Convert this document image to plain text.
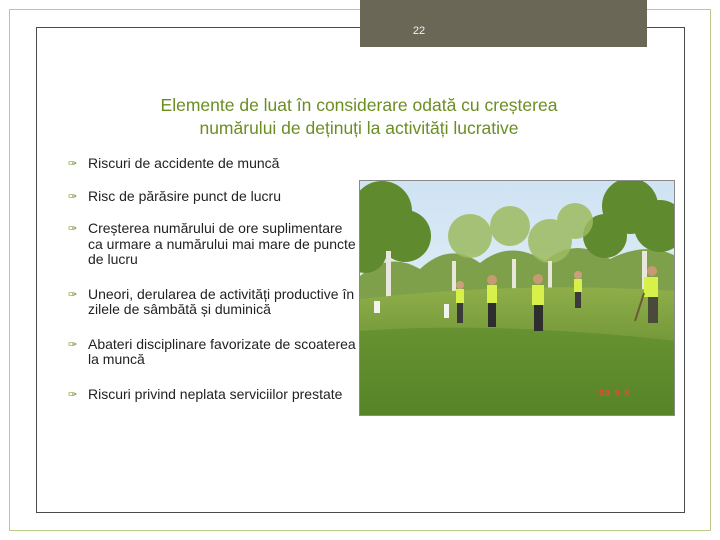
22
Elemente de luat în considerare odată cu creșterea
numărului de deținuți la activități lucrative
✑ Riscuri de accidente de muncă
✑ Risc de părăsire punct de lucru
✑ Creșterea numărului de ore suplimentare ca urmare a numărului mai mare de puncte de lucru
✑ Uneori, derularea de activități productive în zilele de sâmbătă și duminică
✑ Abateri disciplinare favorizate de scoaterea la muncă
✑ Riscuri privind neplata serviciilor prestate	'03 5 8
